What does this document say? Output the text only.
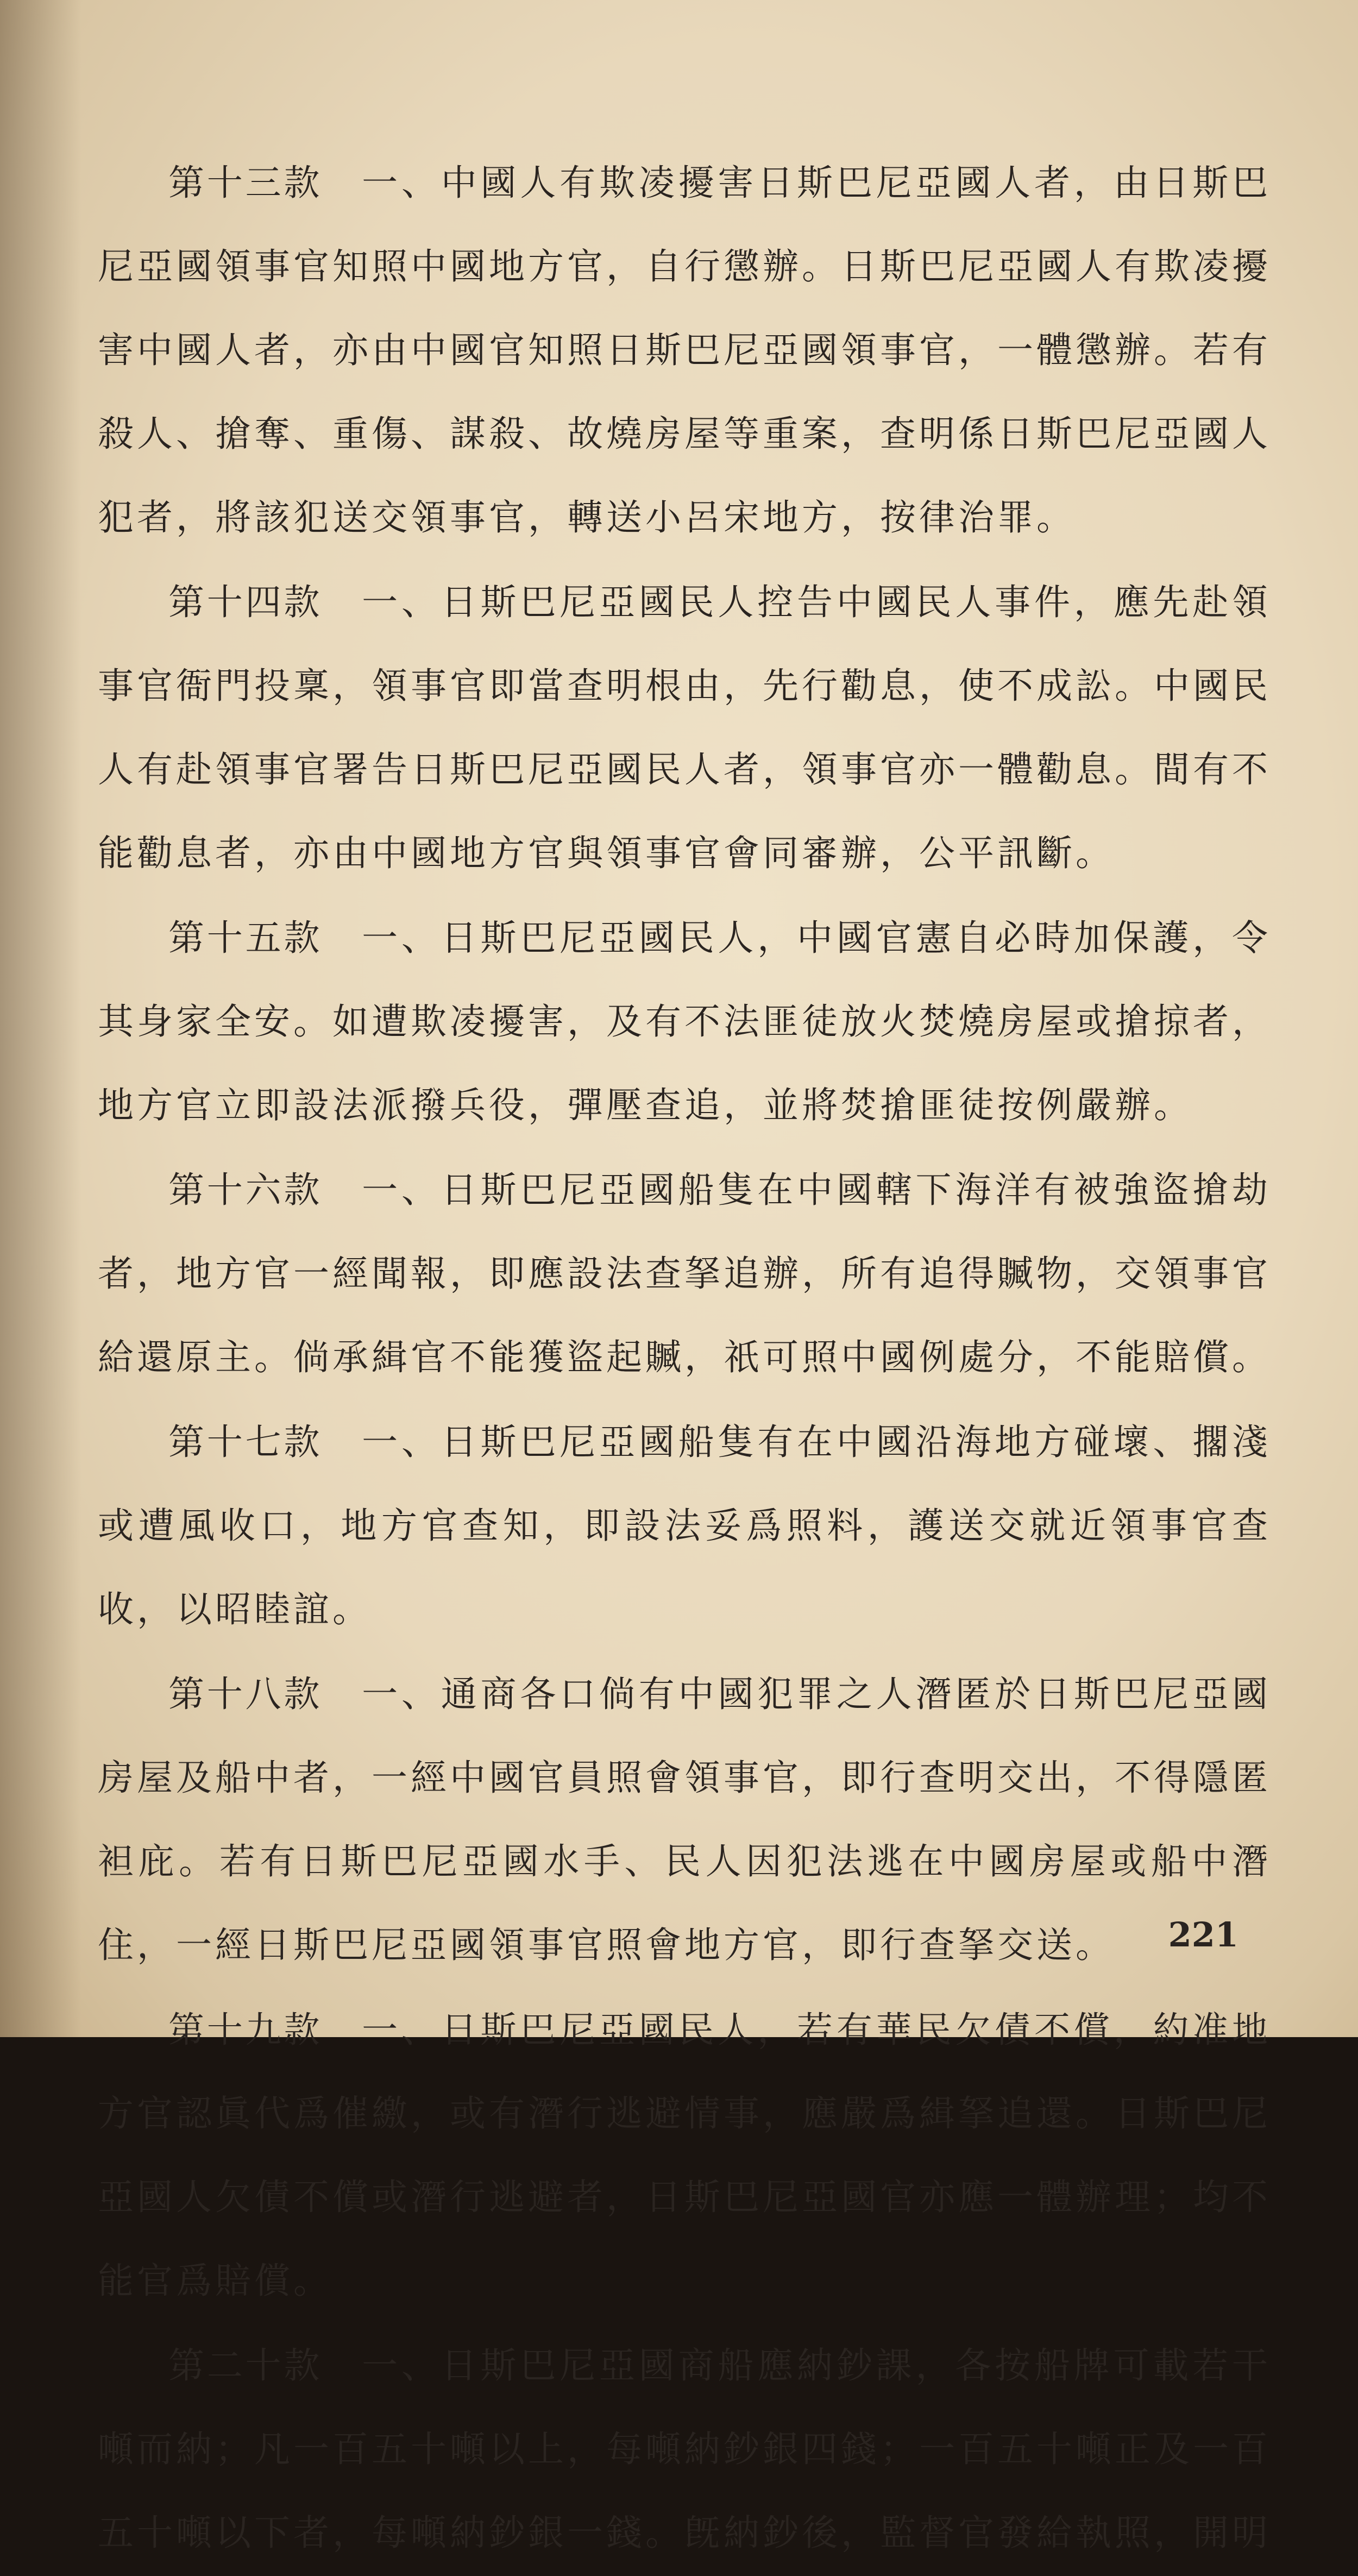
第十三款　 一、中國人有欺凌擾害日斯巴尼亞國人者，由日斯巴尼亞國領事官知照中國地方官，自行懲辦。日斯巴尼亞國人有欺凌擾害中國人者，亦由中國官知照日斯巴尼亞國領事官，一體懲辦。若有殺人、搶奪、重傷、謀殺、故燒房屋等重案，查明係日斯巴尼亞國人犯者，將該犯送交領事官，轉送小呂宋地方，按律治罪。

第十四款　 一、日斯巴尼亞國民人控告中國民人事件，應先赴領事官衙門投稟，領事官即當查明根由，先行勸息，使不成訟。中國民人有赴領事官署告日斯巴尼亞國民人者，領事官亦一體勸息。間有不能勸息者，亦由中國地方官與領事官會同審辦，公平訊斷。

第十五款　 一、日斯巴尼亞國民人，中國官憲自必時加保護，令其身家全安。如遭欺凌擾害，及有不法匪徒放火焚燒房屋或搶掠者，地方官立即設法派撥兵役，彈壓查追，並將焚搶匪徒按例嚴辦。

第十六款　 一、日斯巴尼亞國船隻在中國轄下海洋有被強盜搶劫者，地方官一經聞報，即應設法查拏追辦，所有追得贓物，交領事官給還原主。倘承緝官不能獲盜起贓，祇可照中國例處分，不能賠償。

第十七款　 一、日斯巴尼亞國船隻有在中國沿海地方碰壞、擱淺或遭風收口，地方官查知，即設法妥爲照料，護送交就近領事官查收，以昭睦誼。

第十八款　 一、通商各口倘有中國犯罪之人潛匿於日斯巴尼亞國房屋及船中者，一經中國官員照會領事官，即行查明交出，不得隱匿袒庇。若有日斯巴尼亞國水手、民人因犯法逃在中國房屋或船中潛住，一經日斯巴尼亞國領事官照會地方官，即行查拏交送。

第十九款　 一、日斯巴尼亞國民人，若有華民欠債不償，約准地方官認眞代爲催繳，或有潛行逃避情事，應嚴爲緝拏追還。日斯巴尼亞國人欠債不償或潛行逃避者，日斯巴尼亞國官亦應一體辦理；均不能官爲賠償。

第二十款　 一、日斯巴尼亞國商船應納鈔課，各按船牌可載若干噸而納；凡一百五十噸以上，每噸納鈔銀四錢；一百五十噸正及一百五十噸以下者，每噸納鈔銀一錢。旣納鈔後，監督官發給執照，開明

221
